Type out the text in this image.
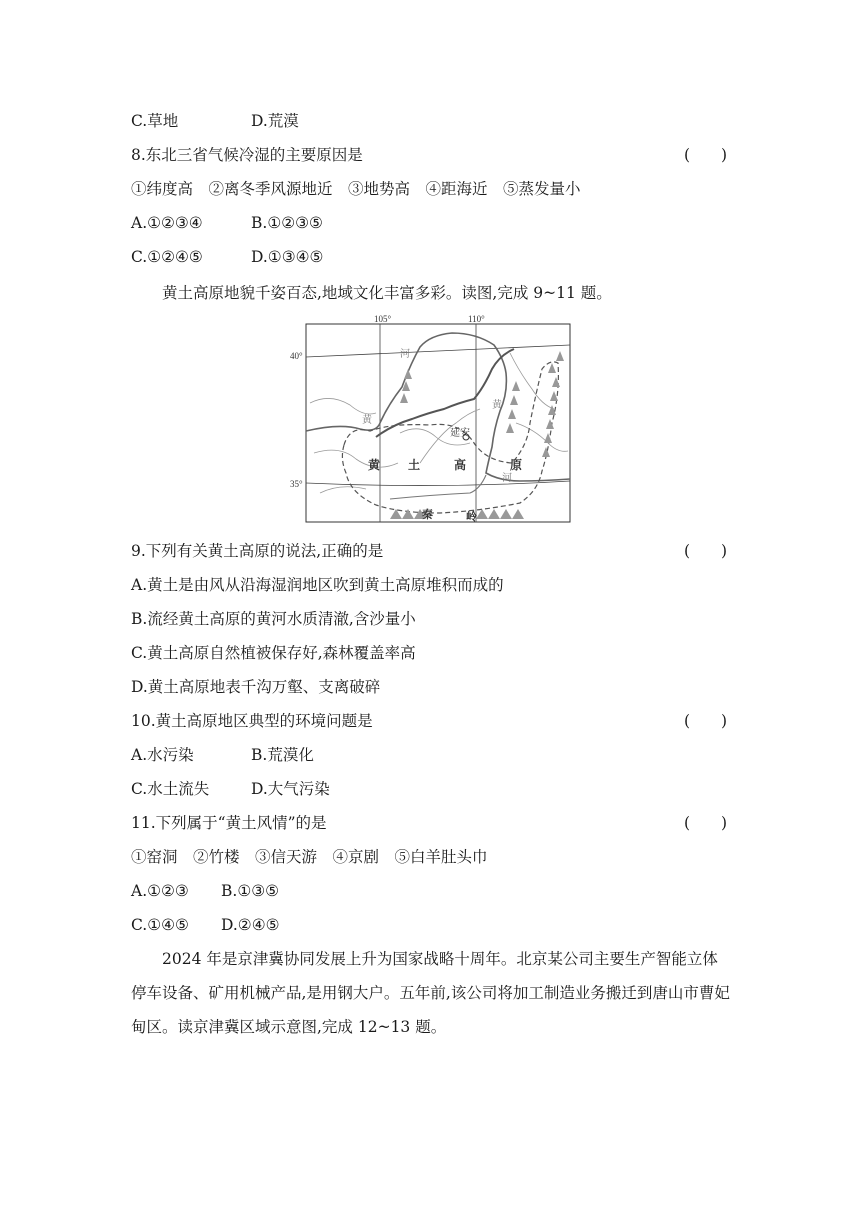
C.草地	D.荒漠
8.东北三省气候冷湿的主要原因是	(　　)
①纬度高　②离冬季风源地近　③地势高　④距海近　⑤蒸发量小
A.①②③④	B.①②③⑤
C.①②④⑤	D.①③④⑤
黄土高原地貌千姿百态,地域文化丰富多彩。读图,完成 9~11 题。
105°	110°
40°
35°
河
黄
黄
河
延安
黄 土	高	原
秦	岭
9.下列有关黄土高原的说法,正确的是	(　　)
A.黄土是由风从沿海湿润地区吹到黄土高原堆积而成的
B.流经黄土高原的黄河水质清澈,含沙量小
C.黄土高原自然植被保存好,森林覆盖率高
D.黄土高原地表千沟万壑、支离破碎
10.黄土高原地区典型的环境问题是	(　　)
A.水污染	B.荒漠化
C.水土流失	D.大气污染
11.下列属于“黄土风情”的是	(　　)
①窑洞　②竹楼　③信天游　④京剧　⑤白羊肚头巾
A.①②③ B.①③⑤
C.①④⑤ D.②④⑤
2024 年是京津冀协同发展上升为国家战略十周年。北京某公司主要生产智能立体停车设备、矿用机械产品,是用钢大户。五年前,该公司将加工制造业务搬迁到唐山市曹妃甸区。读京津冀区域示意图,完成 12~13 题。
